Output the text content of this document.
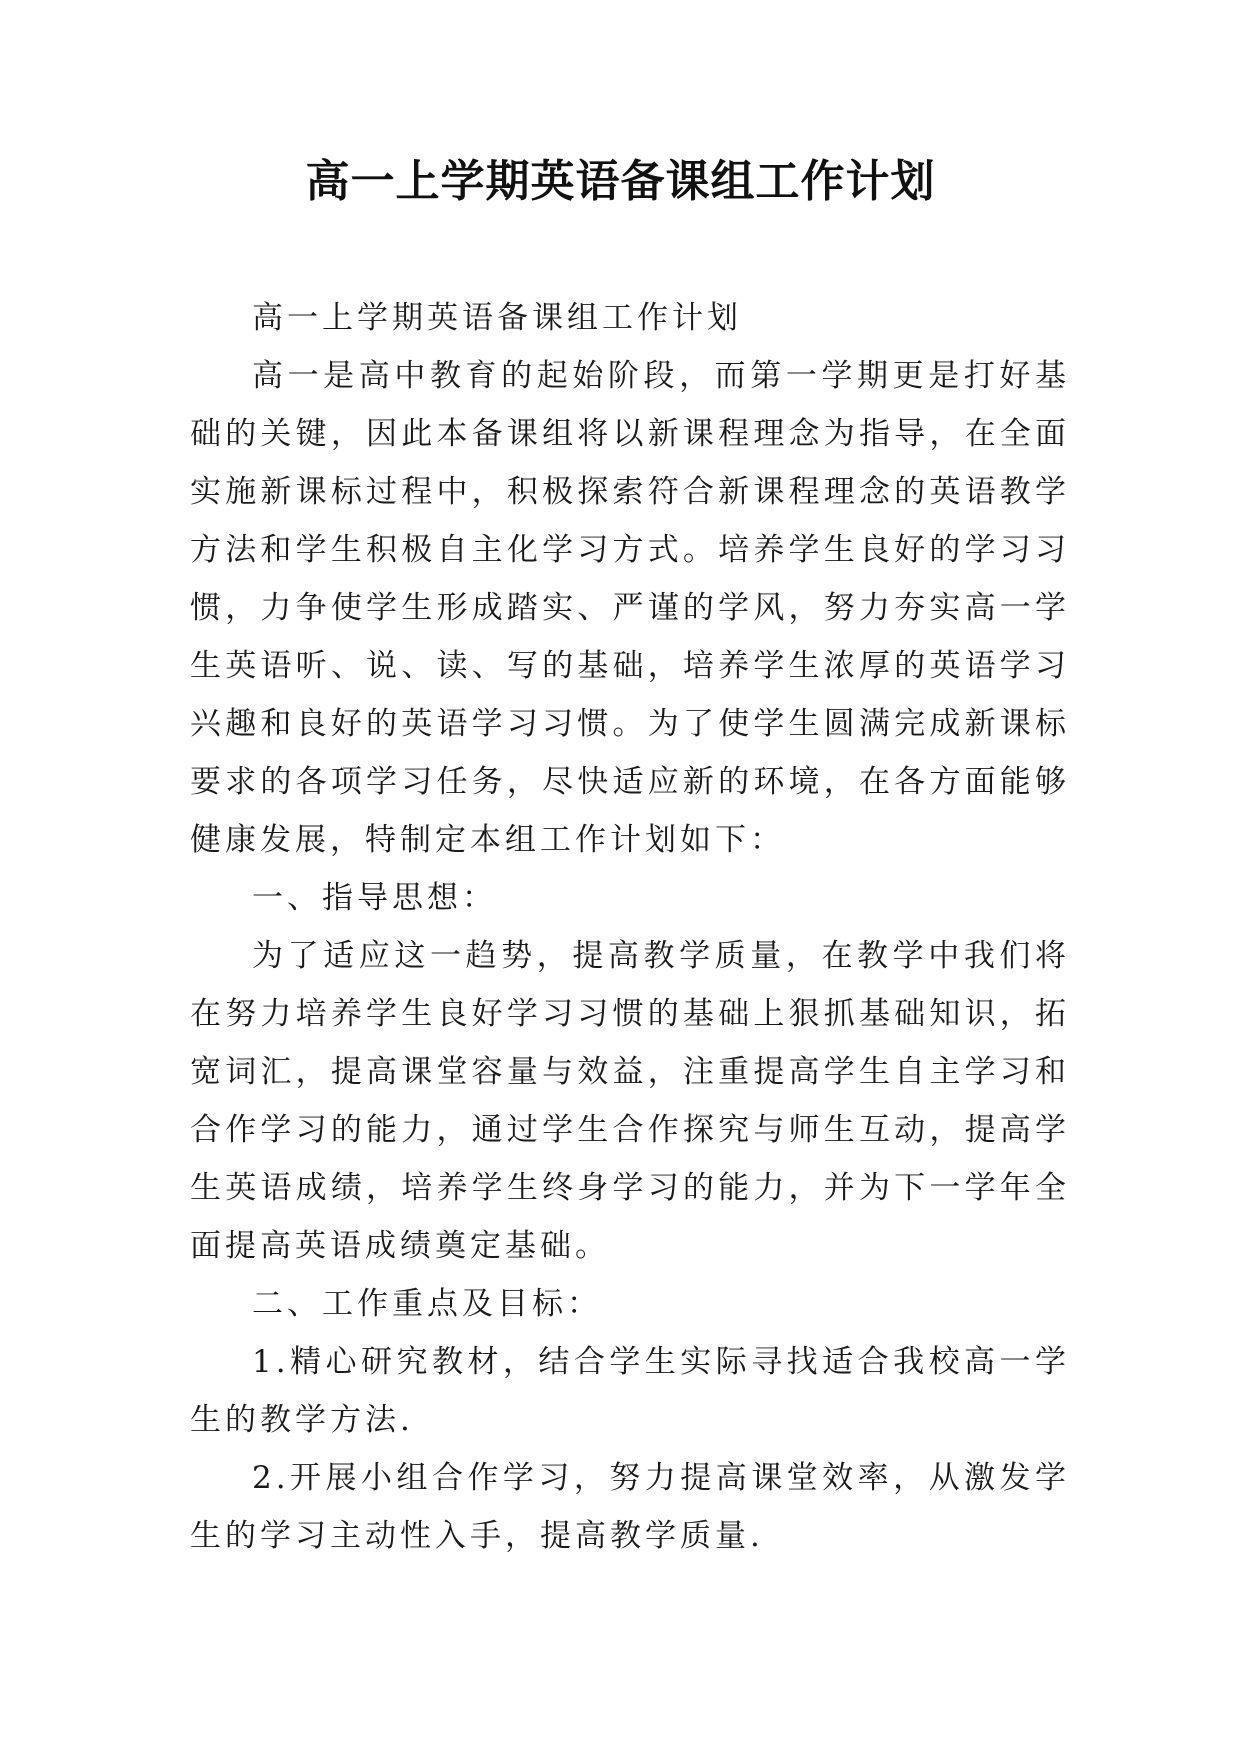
高一上学期英语备课组工作计划

高一上学期英语备课组工作计划

高一是高中教育的起始阶段，而第一学期更是打好基础的关键，因此本备课组将以新课程理念为指导，在全面实施新课标过程中，积极探索符合新课程理念的英语教学方法和学生积极自主化学习方式。培养学生良好的学习习惯，力争使学生形成踏实、严谨的学风，努力夯实高一学生英语听、说、读、写的基础，培养学生浓厚的英语学习兴趣和良好的英语学习习惯。为了使学生圆满完成新课标要求的各项学习任务，尽快适应新的环境，在各方面能够健康发展，特制定本组工作计划如下：

一、指导思想：

为了适应这一趋势，提高教学质量，在教学中我们将在努力培养学生良好学习习惯的基础上狠抓基础知识，拓宽词汇，提高课堂容量与效益，注重提高学生自主学习和合作学习的能力，通过学生合作探究与师生互动，提高学生英语成绩，培养学生终身学习的能力，并为下一学年全面提高英语成绩奠定基础。

二、工作重点及目标：

1.精心研究教材，结合学生实际寻找适合我校高一学生的教学方法.

2.开展小组合作学习，努力提高课堂效率，从激发学生的学习主动性入手，提高教学质量.
